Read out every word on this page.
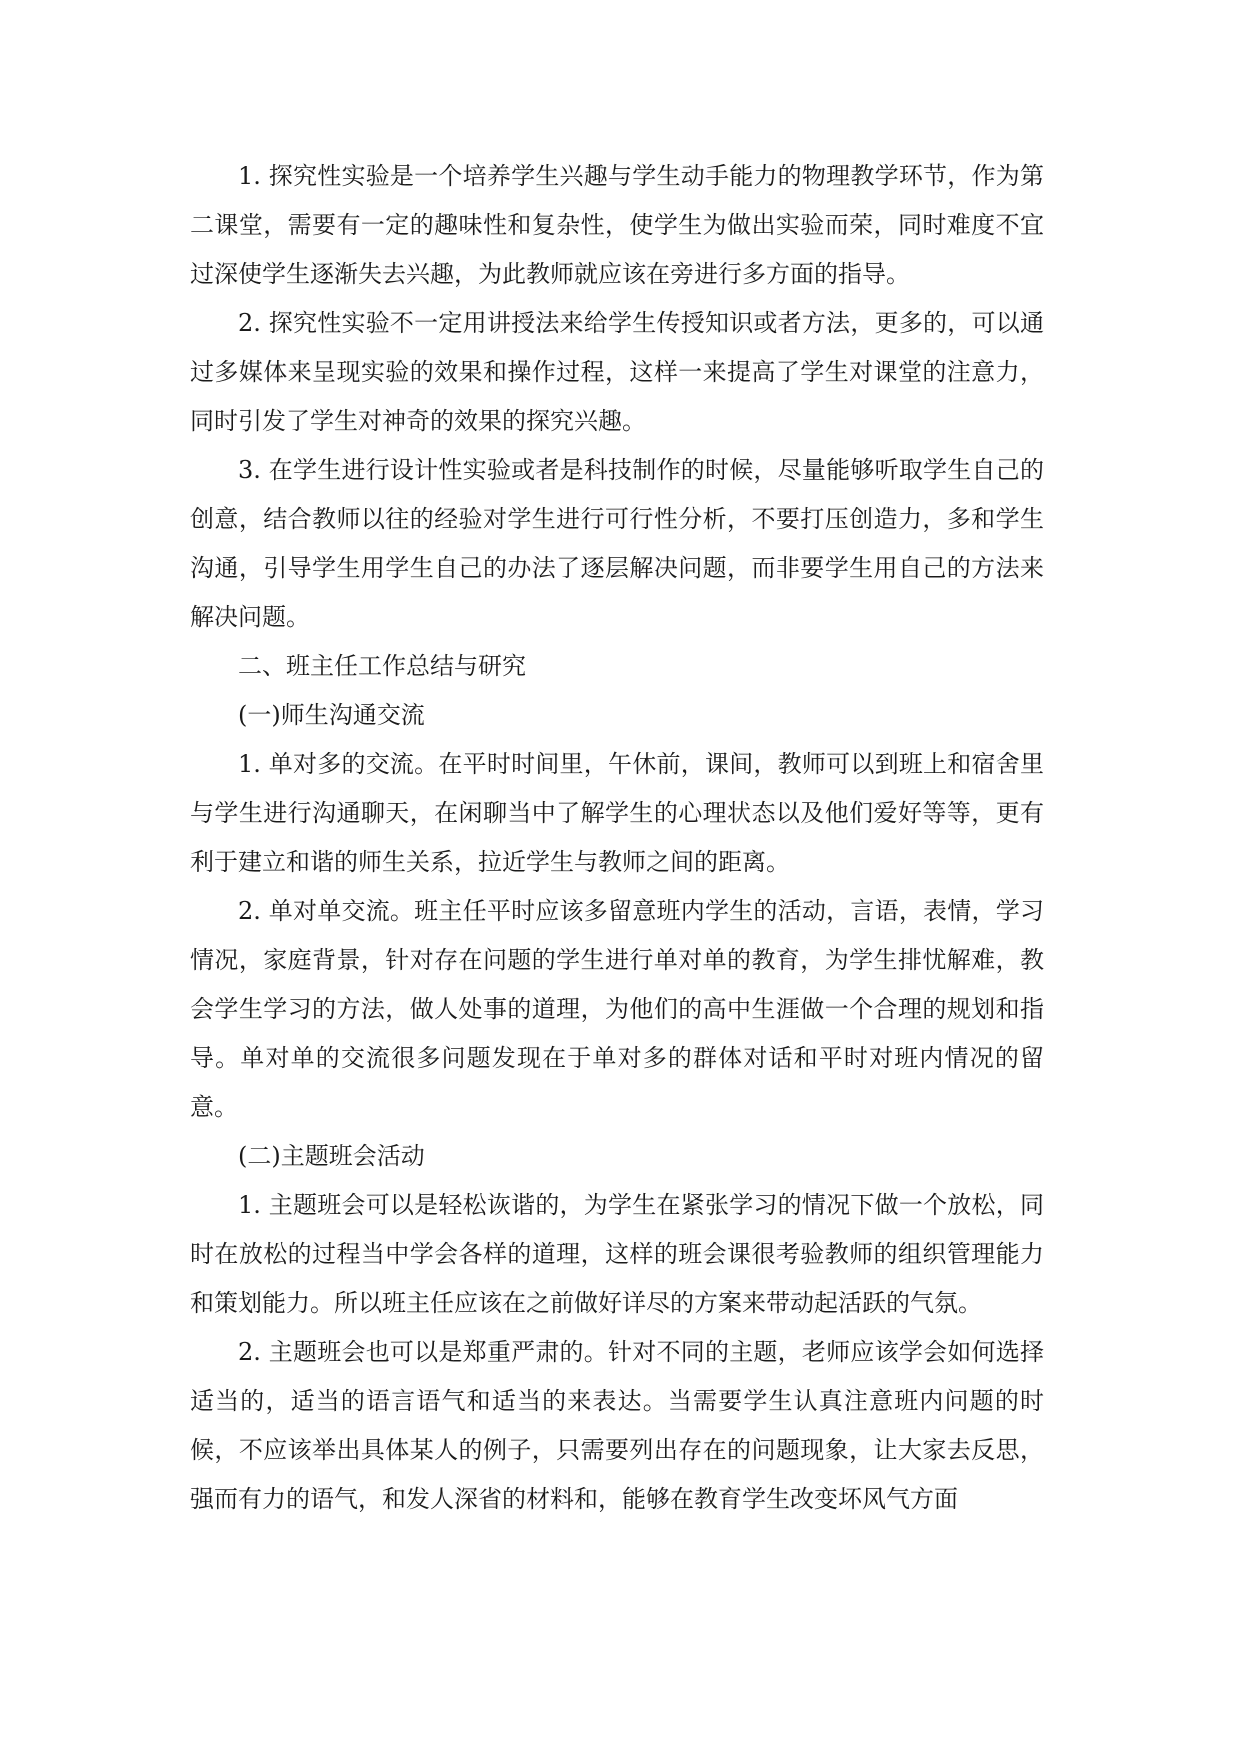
1. 探究性实验是一个培养学生兴趣与学生动手能力的物理教学环节，作为第二课堂，需要有一定的趣味性和复杂性，使学生为做出实验而荣，同时难度不宜过深使学生逐渐失去兴趣，为此教师就应该在旁进行多方面的指导。

2. 探究性实验不一定用讲授法来给学生传授知识或者方法，更多的，可以通过多媒体来呈现实验的效果和操作过程，这样一来提高了学生对课堂的注意力，同时引发了学生对神奇的效果的探究兴趣。

3. 在学生进行设计性实验或者是科技制作的时候，尽量能够听取学生自己的创意，结合教师以往的经验对学生进行可行性分析，不要打压创造力，多和学生沟通，引导学生用学生自己的办法了逐层解决问题，而非要学生用自己的方法来解决问题。

二、班主任工作总结与研究

(一)师生沟通交流

1. 单对多的交流。在平时时间里，午休前，课间，教师可以到班上和宿舍里与学生进行沟通聊天，在闲聊当中了解学生的心理状态以及他们爱好等等，更有利于建立和谐的师生关系，拉近学生与教师之间的距离。

2. 单对单交流。班主任平时应该多留意班内学生的活动，言语，表情，学习情况，家庭背景，针对存在问题的学生进行单对单的教育，为学生排忧解难，教会学生学习的方法，做人处事的道理，为他们的高中生涯做一个合理的规划和指导。单对单的交流很多问题发现在于单对多的群体对话和平时对班内情况的留意。

(二)主题班会活动

1. 主题班会可以是轻松诙谐的，为学生在紧张学习的情况下做一个放松，同时在放松的过程当中学会各样的道理，这样的班会课很考验教师的组织管理能力和策划能力。所以班主任应该在之前做好详尽的方案来带动起活跃的气氛。

2. 主题班会也可以是郑重严肃的。针对不同的主题，老师应该学会如何选择适当的，适当的语言语气和适当的来表达。当需要学生认真注意班内问题的时候，不应该举出具体某人的例子，只需要列出存在的问题现象，让大家去反思，强而有力的语气，和发人深省的材料和，能够在教育学生改变坏风气方面
